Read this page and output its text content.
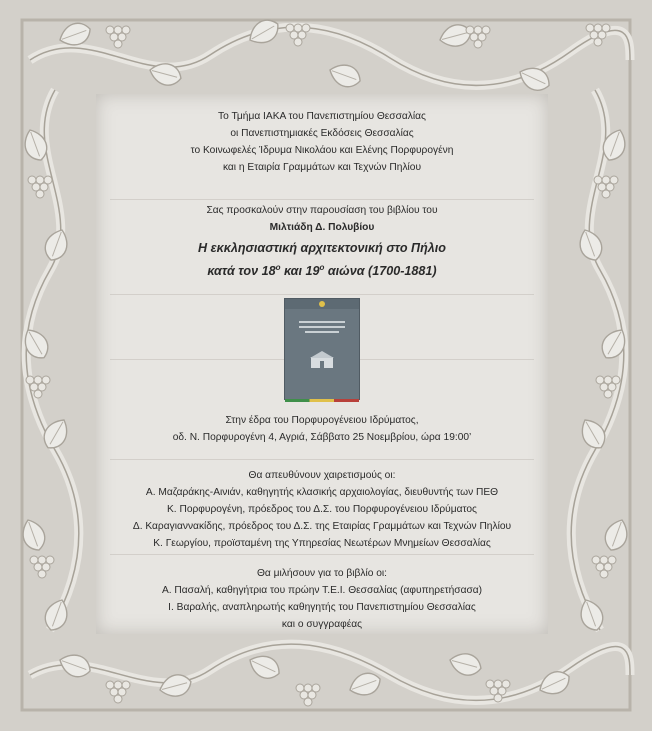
Το Τμήμα ΙΑΚΑ του Πανεπιστημίου Θεσσαλίας
οι Πανεπιστημιακές Εκδόσεις Θεσσαλίας
το Κοινωφελές Ίδρυμα Νικολάου και Ελένης Πορφυρογένη
και η Εταιρία Γραμμάτων και Τεχνών Πηλίου
Σας προσκαλούν στην παρουσίαση του βιβλίου του
Μιλτιάδη Δ. Πολυβίου
Η εκκλησιαστική αρχιτεκτονική στο Πήλιο
κατά τον $18^o$ και $19^o$ αιώνα (1700-1881)
Στην έδρα του Πορφυρογένειου Ιδρύματος,
οδ. Ν. Πορφυρογένη 4, Αγριά, Σάββατο 25 Νοεμβρίου, ώρα 19:00’
Θα απευθύνουν χαιρετισμούς οι:
Α. Μαζαράκης-Αινιάν, καθηγητής κλασικής αρχαιολογίας, διευθυντής των ΠΕΘ
Κ. Πορφυρογένη, πρόεδρος του Δ.Σ. του Πορφυρογένειου Ιδρύματος
Δ. Καραγιαννακίδης, πρόεδρος του Δ.Σ. της Εταιρίας Γραμμάτων και Τεχνών Πηλίου
Κ. Γεωργίου, προϊσταμένη της Υπηρεσίας Νεωτέρων Μνημείων Θεσσαλίας
Θα μιλήσουν για το βιβλίο οι:
Α. Πασαλή, καθηγήτρια του πρώην Τ.Ε.Ι. Θεσσαλίας (αφυπηρετήσασα)
Ι. Βαραλής, αναπληρωτής καθηγητής του Πανεπιστημίου Θεσσαλίας
και ο συγγραφέας
